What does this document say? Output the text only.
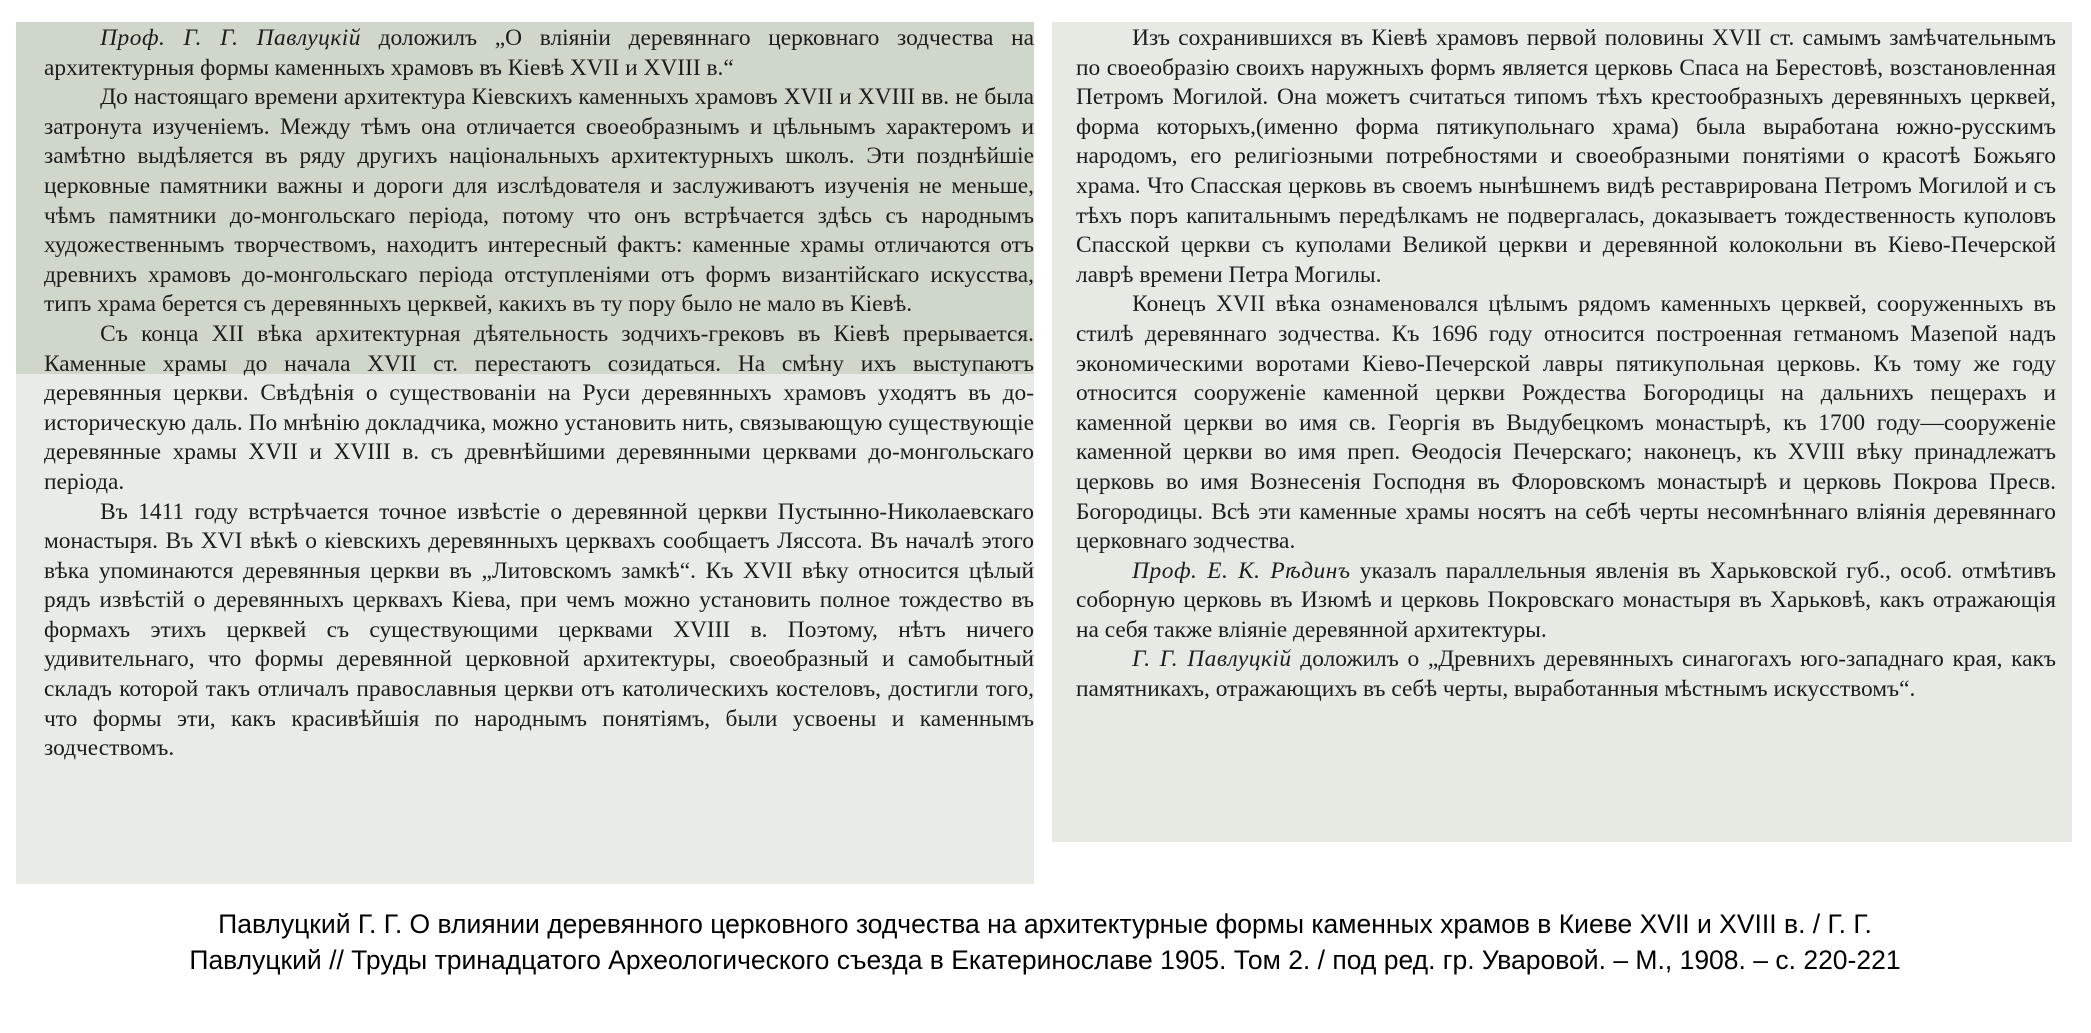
Проф. Г. Г. Павлуцкій доложилъ „О вліяніи деревяннаго церковнаго зодчества на архитектурныя формы каменныхъ храмовъ въ Кіевѣ XVII и XVIII в.“

До настоящаго времени архитектура Кіевскихъ каменныхъ храмовъ XVII и XVIII вв. не была затронута изученіемъ. Между тѣмъ она отличается своеобразнымъ и цѣльнымъ характеромъ и замѣтно выдѣляется въ ряду другихъ національныхъ архитектурныхъ школъ. Эти позднѣйшіе церковные памятники важны и дороги для изслѣдователя и заслуживаютъ изученія не меньше, чѣмъ памятники до-монгольскаго періода, потому что онъ встрѣчается здѣсь съ народнымъ художественнымъ творчествомъ, находитъ интересный фактъ: каменные храмы отличаются отъ древнихъ храмовъ до-монгольскаго періода отступленіями отъ формъ византійскаго искусства, типъ храма берется съ деревянныхъ церквей, какихъ въ ту пору было не мало въ Кіевѣ.

Съ конца XII вѣка архитектурная дѣятельность зодчихъ-грековъ въ Кіевѣ прерывается. Каменные храмы до начала XVII ст. перестаютъ созидаться. На смѣну ихъ выступаютъ деревянныя церкви. Свѣдѣнія о существованіи на Руси деревянныхъ храмовъ уходятъ въ до-историческую даль. По мнѣнію докладчика, можно установить нить, связывающую существующіе деревянные храмы XVII и XVIII в. съ древнѣйшими деревянными церквами до-монгольскаго періода.

Въ 1411 году встрѣчается точное извѣстіе о деревянной церкви Пустынно-Николаевскаго монастыря. Въ XVI вѣкѣ о кіевскихъ деревянныхъ церквахъ сообщаетъ Ляссота. Въ началѣ этого вѣка упоминаются деревянныя церкви въ „Литовскомъ замкѣ“. Къ XVII вѣку относится цѣлый рядъ извѣстій о деревянныхъ церквахъ Кіева, при чемъ можно установить полное тождество въ формахъ этихъ церквей съ существующими церквами XVIII в. Поэтому, нѣтъ ничего удивительнаго, что формы деревянной церковной архитектуры, своеобразный и самобытный складъ которой такъ отличалъ православныя церкви отъ католическихъ костеловъ, достигли того, что формы эти, какъ красивѣйшія по народнымъ понятіямъ, были усвоены и каменнымъ зодчествомъ.

Изъ сохранившихся въ Кіевѣ храмовъ первой половины XVII ст. самымъ замѣчательнымъ по своеобразію своихъ наружныхъ формъ является церковь Спаса на Берестовѣ, возстановленная Петромъ Могилой. Она можетъ считаться типомъ тѣхъ крестообразныхъ деревянныхъ церквей, форма которыхъ,(именно форма пятикупольнаго храма) была выработана южно-русскимъ народомъ, его религіозными потребностями и своеобразными понятіями о красотѣ Божьяго храма. Что Спасская церковь въ своемъ нынѣшнемъ видѣ реставрирована Петромъ Могилой и съ тѣхъ поръ капитальнымъ передѣлкамъ не подвергалась, доказываетъ тождественность куполовъ Спасской церкви съ куполами Великой церкви и деревянной колокольни въ Кіево-Печерской лаврѣ времени Петра Могилы.

Конецъ XVII вѣка ознаменовался цѣлымъ рядомъ каменныхъ церквей, сооруженныхъ въ стилѣ деревяннаго зодчества. Къ 1696 году относится построенная гетманомъ Мазепой надъ экономическими воротами Кіево-Печерской лавры пятикупольная церковь. Къ тому же году относится сооруженіе каменной церкви Рождества Богородицы на дальнихъ пещерахъ и каменной церкви во имя св. Георгія въ Выдубецкомъ монастырѣ, къ 1700 году—сооруженіе каменной церкви во имя преп. Ѳеодосія Печерскаго; наконецъ, къ XVIII вѣку принадлежатъ церковь во имя Вознесенія Господня въ Флоровскомъ монастырѣ и церковь Покрова Пресв. Богородицы. Всѣ эти каменные храмы носятъ на себѣ черты несомнѣннаго вліянія деревяннаго церковнаго зодчества.

Проф. Е. К. Рѣдинъ указалъ параллельныя явленія въ Харьковской губ., особ. отмѣтивъ соборную церковь въ Изюмѣ и церковь Покровскаго монастыря въ Харьковѣ, какъ отражающія на себя также вліяніе деревянной архитектуры.

Г. Г. Павлуцкій доложилъ о „Древнихъ деревянныхъ синагогахъ юго-западнаго края, какъ памятникахъ, отражающихъ въ себѣ черты, выработанныя мѣстнымъ искусствомъ“.

Павлуцкий Г. Г. О влиянии деревянного церковного зодчества на архитектурные формы каменных храмов в Киеве XVII и XVIII в. / Г. Г.
Павлуцкий // Труды тринадцатого Археологического съезда в Екатеринославе 1905. Том 2. / под ред. гр. Уваровой. – М., 1908. – с. 220-221
